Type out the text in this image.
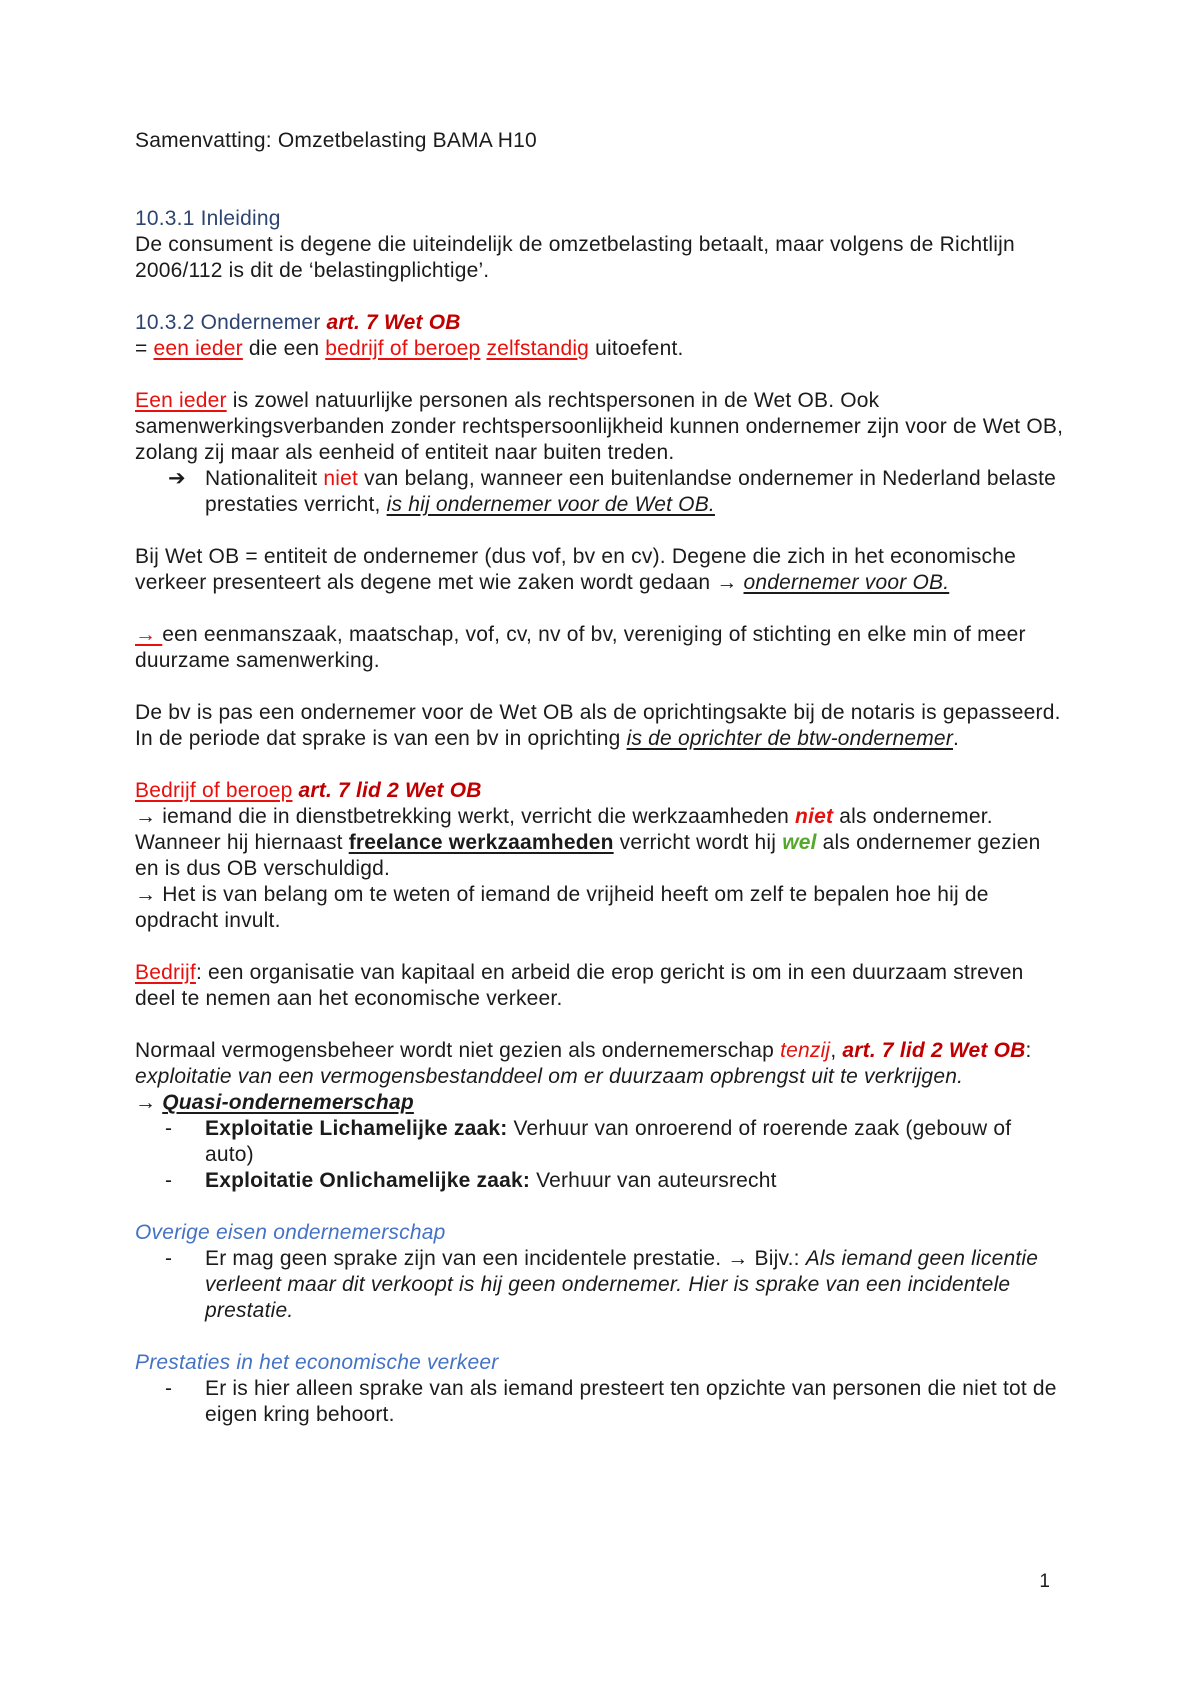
Samenvatting: Omzetbelasting BAMA H10

10.3.1 Inleiding

De consument is degene die uiteindelijk de omzetbelasting betaalt, maar volgens de Richtlijn 2006/112 is dit de ‘belastingplichtige’.

10.3.2 Ondernemer art. 7 Wet OB

= een ieder die een bedrijf of beroep zelfstandig uitoefent.

Een ieder is zowel natuurlijke personen als rechtspersonen in de Wet OB. Ook samenwerkingsverbanden zonder rechtspersoonlijkheid kunnen ondernemer zijn voor de Wet OB, zolang zij maar als eenheid of entiteit naar buiten treden.

➔ Nationaliteit niet van belang, wanneer een buitenlandse ondernemer in Nederland belaste prestaties verricht, is hij ondernemer voor de Wet OB.

Bij Wet OB = entiteit de ondernemer (dus vof, bv en cv). Degene die zich in het economische verkeer presenteert als degene met wie zaken wordt gedaan → ondernemer voor OB.

→ een eenmanszaak, maatschap, vof, cv, nv of bv, vereniging of stichting en elke min of meer duurzame samenwerking.

De bv is pas een ondernemer voor de Wet OB als de oprichtingsakte bij de notaris is gepasseerd. In de periode dat sprake is van een bv in oprichting is de oprichter de btw-ondernemer.

Bedrijf of beroep art. 7 lid 2 Wet OB

→ iemand die in dienstbetrekking werkt, verricht die werkzaamheden niet als ondernemer. Wanneer hij hiernaast freelance werkzaamheden verricht wordt hij wel als ondernemer gezien en is dus OB verschuldigd.

→ Het is van belang om te weten of iemand de vrijheid heeft om zelf te bepalen hoe hij de opdracht invult.

Bedrijf: een organisatie van kapitaal en arbeid die erop gericht is om in een duurzaam streven deel te nemen aan het economische verkeer.

Normaal vermogensbeheer wordt niet gezien als ondernemerschap tenzij, art. 7 lid 2 Wet OB: exploitatie van een vermogensbestanddeel om er duurzaam opbrengst uit te verkrijgen.

→ Quasi-ondernemerschap

-	Exploitatie Lichamelijke zaak: Verhuur van onroerend of roerende zaak (gebouw of auto)
-	Exploitatie Onlichamelijke zaak: Verhuur van auteursrecht

Overige eisen ondernemerschap

-	Er mag geen sprake zijn van een incidentele prestatie. → Bijv.: Als iemand geen licentie verleent maar dit verkoopt is hij geen ondernemer. Hier is sprake van een incidentele prestatie.

Prestaties in het economische verkeer

-	Er is hier alleen sprake van als iemand presteert ten opzichte van personen die niet tot de eigen kring behoort.
1
